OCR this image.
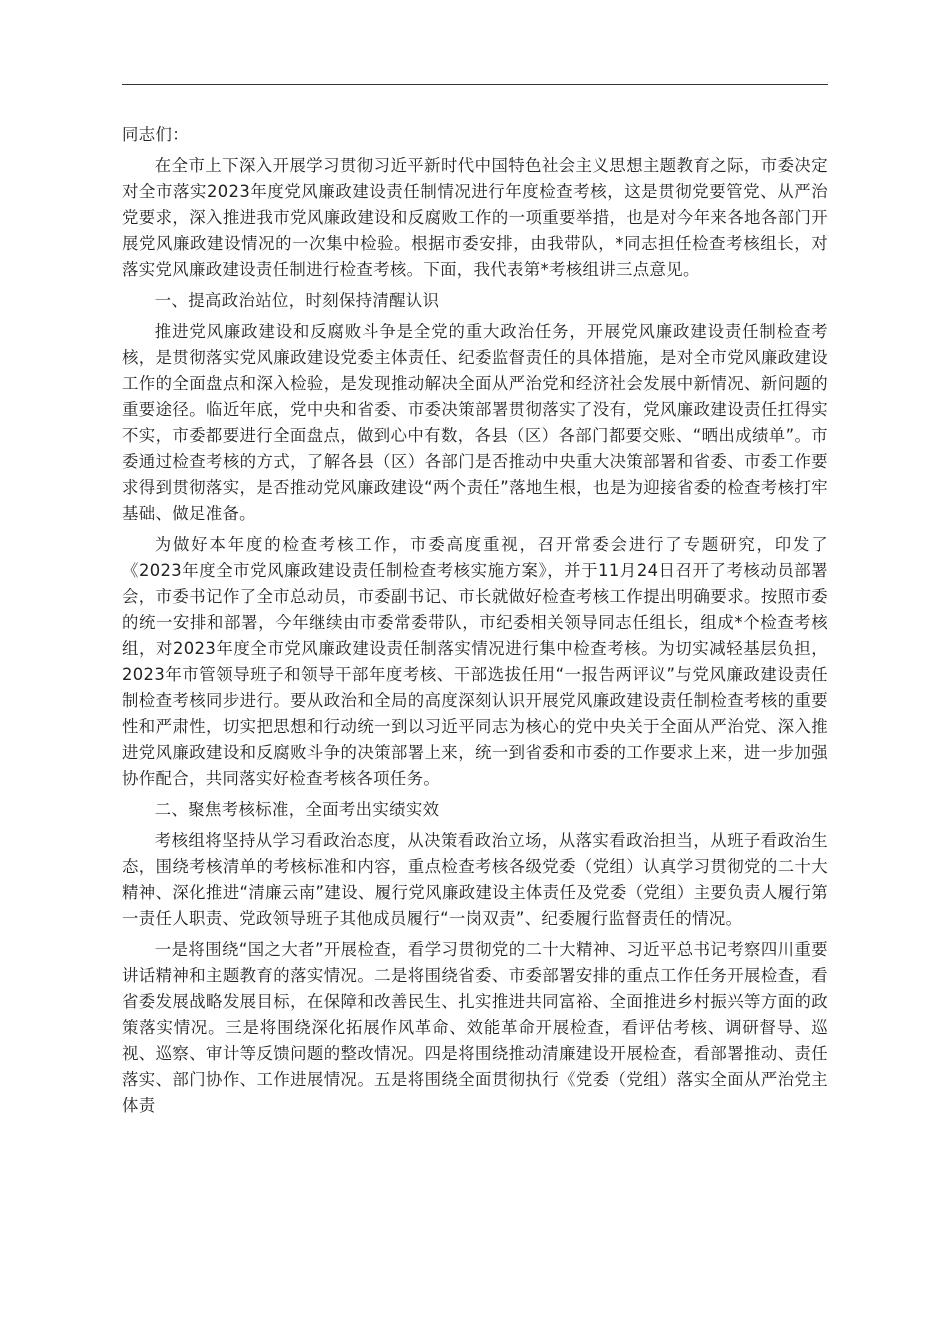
同志们：

在全市上下深入开展学习贯彻习近平新时代中国特色社会主义思想主题教育之际，市委决定对全市落实2023年度党风廉政建设责任制情况进行年度检查考核，这是贯彻党要管党、从严治党要求，深入推进我市党风廉政建设和反腐败工作的一项重要举措，也是对今年来各地各部门开展党风廉政建设情况的一次集中检验。根据市委安排，由我带队，*同志担任检查考核组长，对落实党风廉政建设责任制进行检查考核。下面，我代表第*考核组讲三点意见。

一、提高政治站位，时刻保持清醒认识

推进党风廉政建设和反腐败斗争是全党的重大政治任务，开展党风廉政建设责任制检查考核，是贯彻落实党风廉政建设党委主体责任、纪委监督责任的具体措施，是对全市党风廉政建设工作的全面盘点和深入检验，是发现推动解决全面从严治党和经济社会发展中新情况、新问题的重要途径。临近年底，党中央和省委、市委决策部署贯彻落实了没有，党风廉政建设责任扛得实不实，市委都要进行全面盘点，做到心中有数，各县（区）各部门都要交账、“晒出成绩单”。市委通过检查考核的方式，了解各县（区）各部门是否推动中央重大决策部署和省委、市委工作要求得到贯彻落实，是否推动党风廉政建设“两个责任”落地生根，也是为迎接省委的检查考核打牢基础、做足准备。

为做好本年度的检查考核工作，市委高度重视，召开常委会进行了专题研究，印发了《2023年度全市党风廉政建设责任制检查考核实施方案》，并于11月24日召开了考核动员部署会，市委书记作了全市总动员，市委副书记、市长就做好检查考核工作提出明确要求。按照市委的统一安排和部署，今年继续由市委常委带队，市纪委相关领导同志任组长，组成*个检查考核组，对2023年度全市党风廉政建设责任制落实情况进行集中检查考核。为切实减轻基层负担，2023年市管领导班子和领导干部年度考核、干部选拔任用“一报告两评议”与党风廉政建设责任制检查考核同步进行。要从政治和全局的高度深刻认识开展党风廉政建设责任制检查考核的重要性和严肃性，切实把思想和行动统一到以习近平同志为核心的党中央关于全面从严治党、深入推进党风廉政建设和反腐败斗争的决策部署上来，统一到省委和市委的工作要求上来，进一步加强协作配合，共同落实好检查考核各项任务。

二、聚焦考核标准，全面考出实绩实效

考核组将坚持从学习看政治态度，从决策看政治立场，从落实看政治担当，从班子看政治生态，围绕考核清单的考核标准和内容，重点检查考核各级党委（党组）认真学习贯彻党的二十大精神、深化推进“清廉云南”建设、履行党风廉政建设主体责任及党委（党组）主要负责人履行第一责任人职责、党政领导班子其他成员履行“一岗双责”、纪委履行监督责任的情况。

一是将围绕“国之大者”开展检查，看学习贯彻党的二十大精神、习近平总书记考察四川重要讲话精神和主题教育的落实情况。二是将围绕省委、市委部署安排的重点工作任务开展检查，看省委发展战略发展目标，在保障和改善民生、扎实推进共同富裕、全面推进乡村振兴等方面的政策落实情况。三是将围绕深化拓展作风革命、效能革命开展检查，看评估考核、调研督导、巡视、巡察、审计等反馈问题的整改情况。四是将围绕推动清廉建设开展检查，看部署推动、责任落实、部门协作、工作进展情况。五是将围绕全面贯彻执行《党委（党组）落实全面从严治党主体责
